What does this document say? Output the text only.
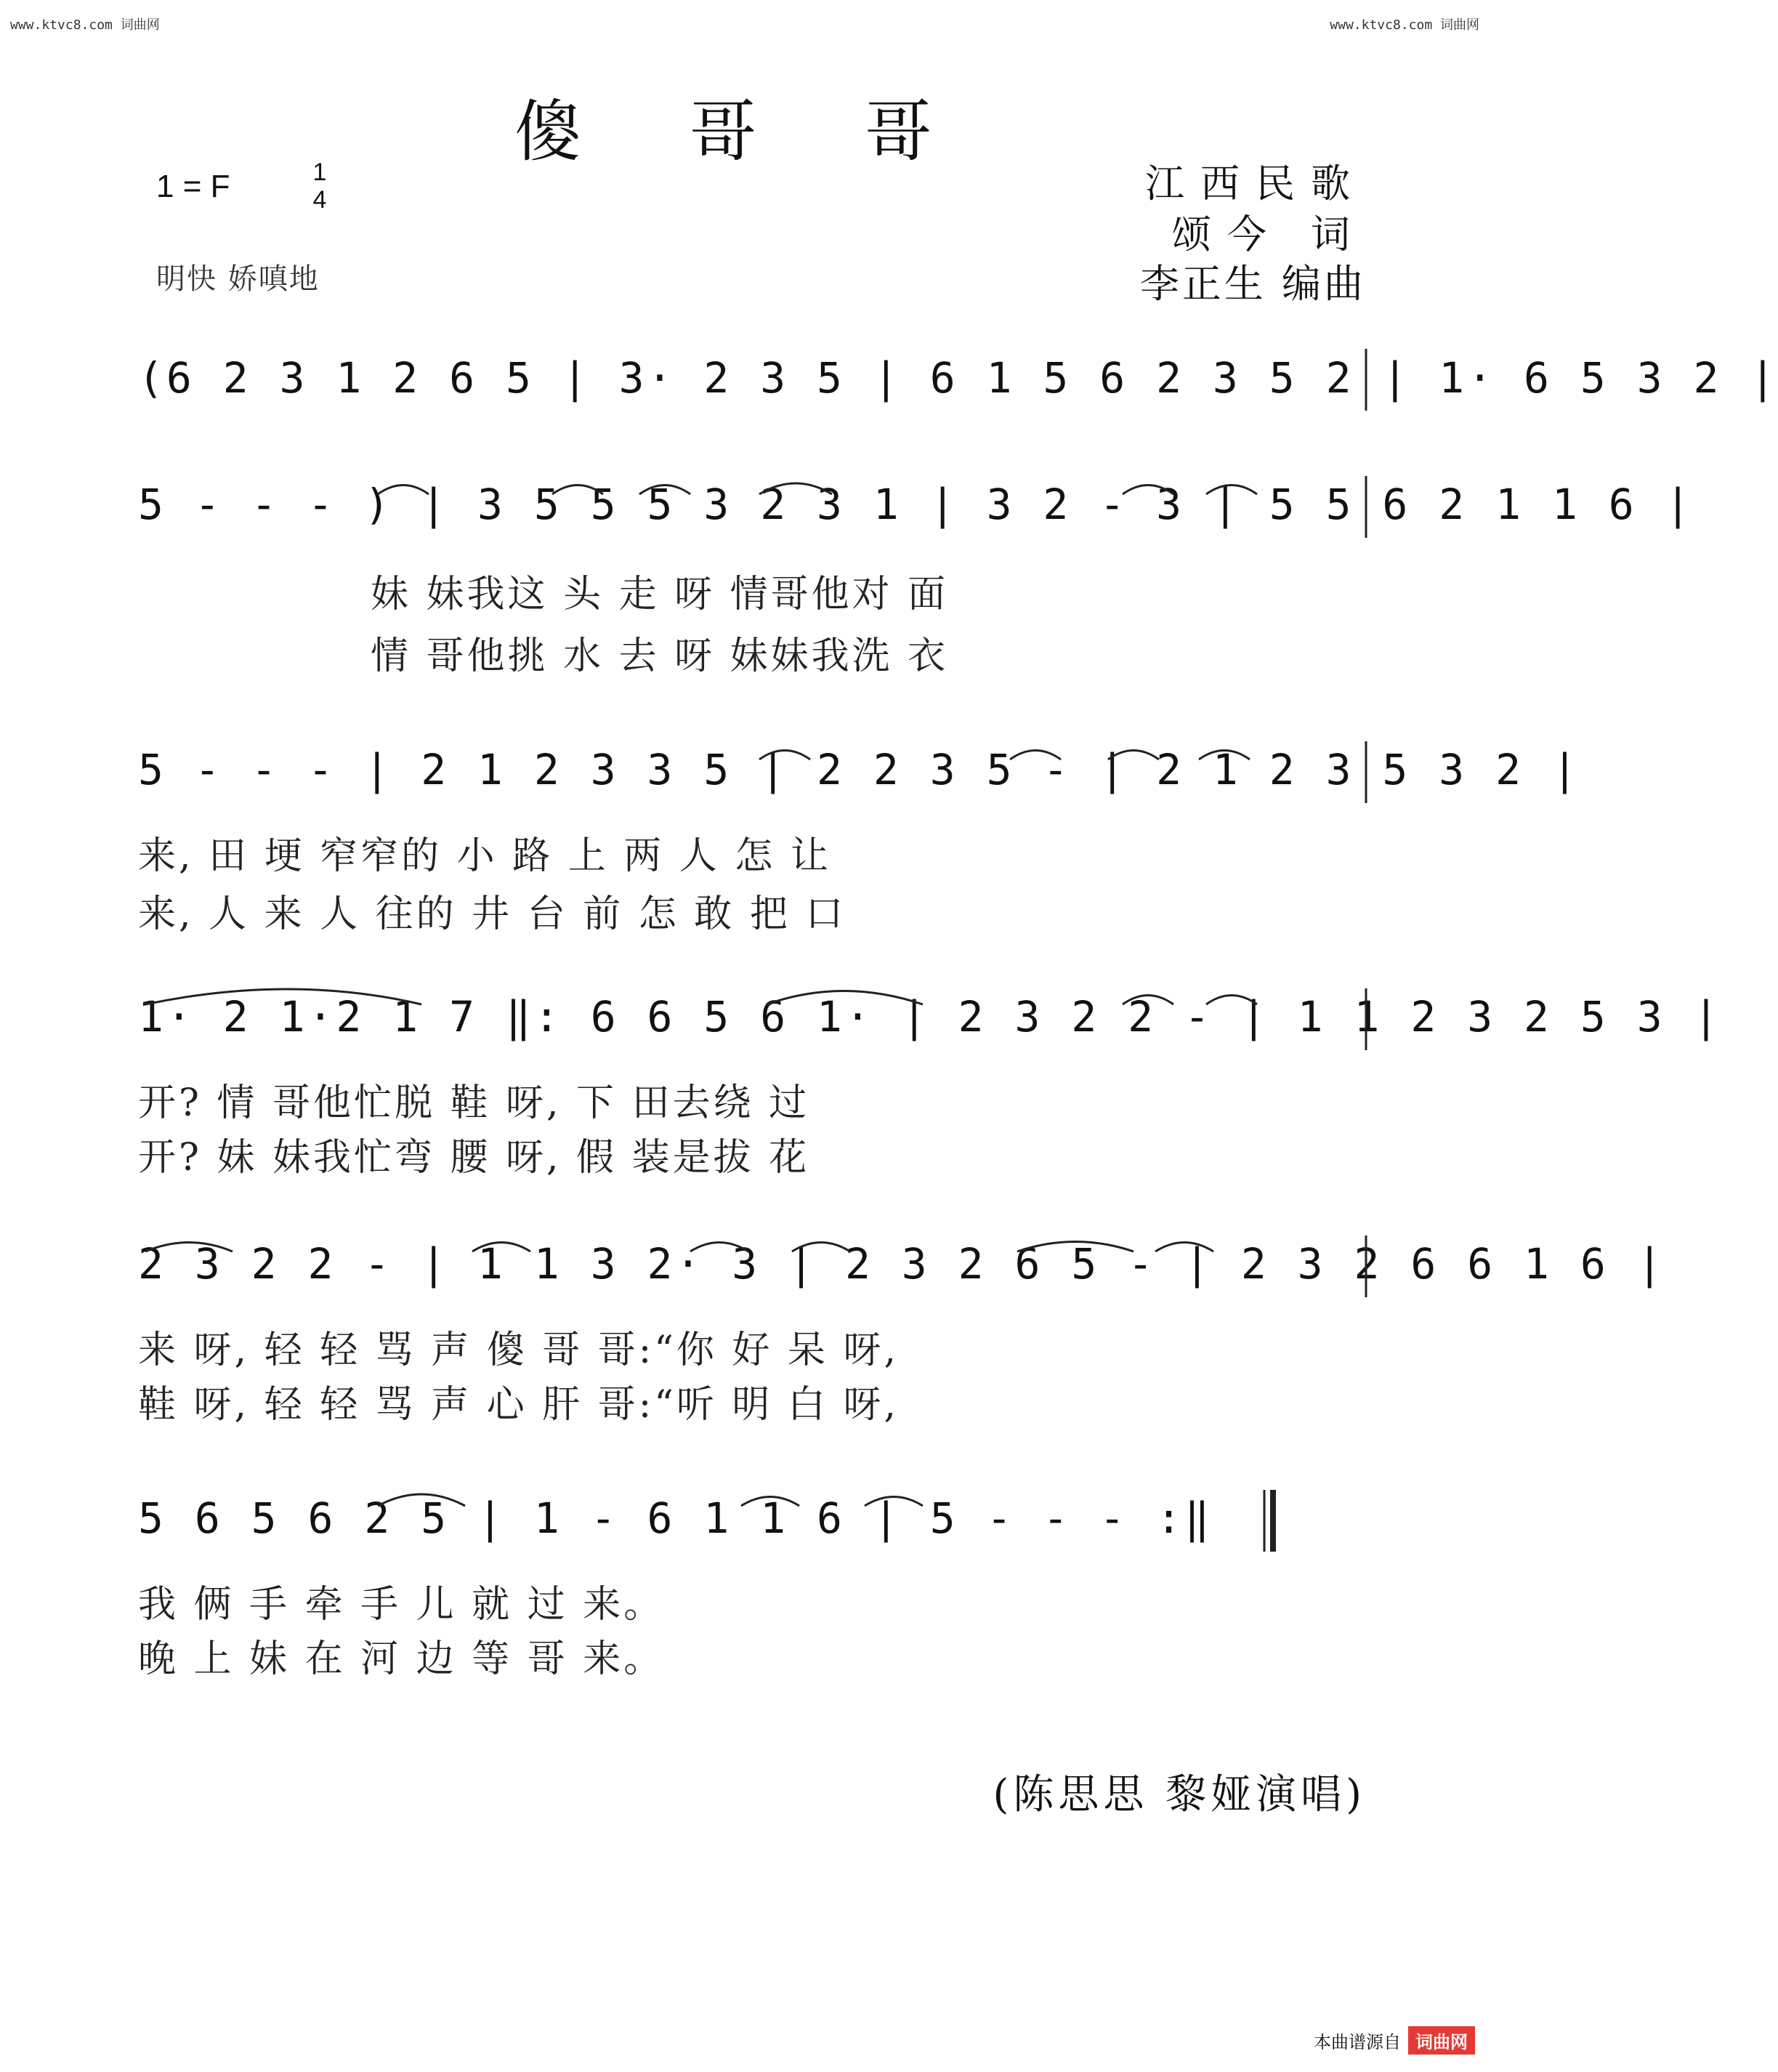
www.ktvc8.com 词曲网	www.ktvc8.com 词曲网
傻 哥 哥
1 = F	1
4
明快 娇嗔地
江西民歌
颂今 词
李正生 编曲
(6 2 3 1 2 6 5 | 3· 2 3 5 | 6 1 5 6 2 3 5 2 | 1· 6 5 3 2 |
5 - - - ) | 3 5 5 5 3 2 3 1 | 3 2 - 3 | 5 5 6 2 1 1 6 |
妹 妹我这 头 走 呀 情哥他对 面
情 哥他挑 水 去 呀 妹妹我洗 衣
5 - - - | 2 1 2 3 3 5 | 2 2 3 5 - | 2 1 2 3 5 3 2 |
来, 田 埂 窄窄的 小 路 上 两 人 怎 让
来, 人 来 人 往的 井 台 前 怎 敢 把 口
1· 2 1·2 1 7 ‖: 6 6 5 6 1· | 2 3 2 2 - | 1 1 2 3 2 5 3 |
开? 情 哥他忙脱 鞋 呀, 下 田去绕 过
开? 妹 妹我忙弯 腰 呀, 假 装是拔 花
2 3 2 2 - | 1 1 3 2· 3 | 2 3 2 6 5 - | 2 3 2 6 6 1 6 |
来 呀, 轻 轻 骂 声 傻 哥 哥:“你 好 呆 呀,
鞋 呀, 轻 轻 骂 声 心 肝 哥:“听 明 白 呀,
5 6 5 6 2 5 | 1 - 6 1 1 6 | 5 - - - :‖
我 俩 手 牵 手 儿 就 过 来。
晚 上 妹 在 河 边 等 哥 来。
(陈思思 黎娅演唱)
本曲谱源自 词曲网
